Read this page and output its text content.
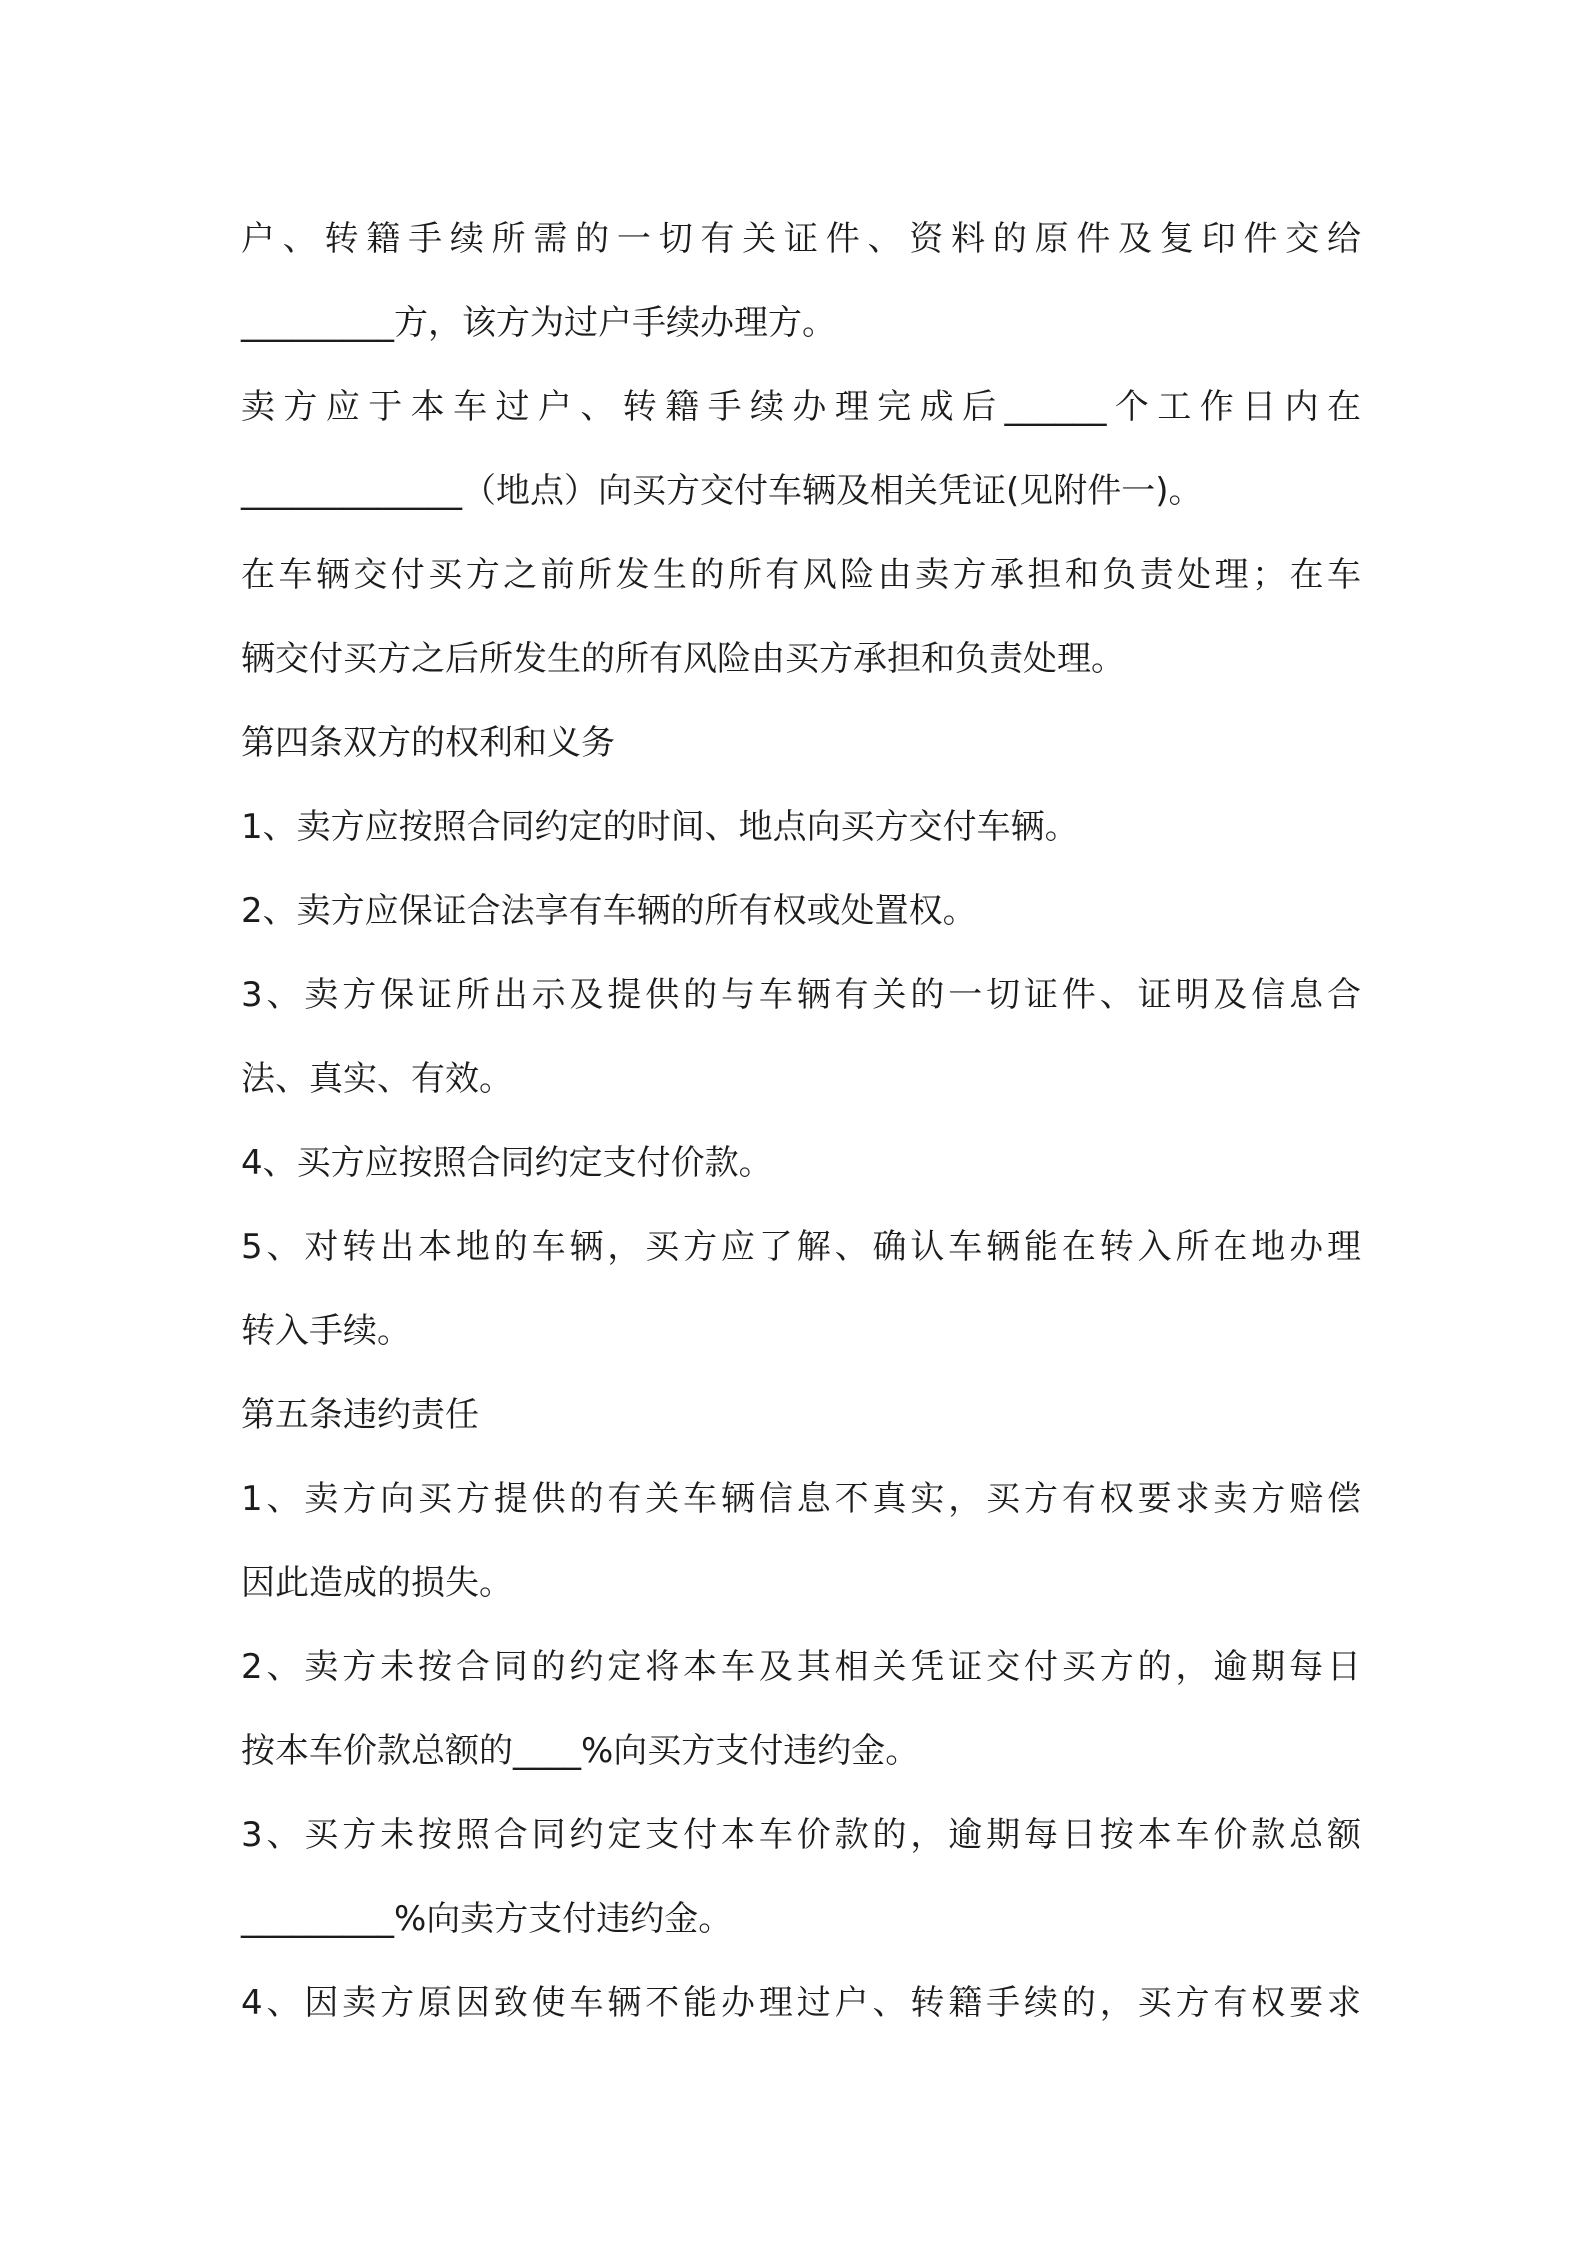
户、转籍手续所需的一切有关证件、资料的原件及复印件交给
_________方，该方为过户手续办理方。
卖方应于本车过户、转籍手续办理完成后______个工作日内在
_____________（地点）向买方交付车辆及相关凭证(见附件一)。
在车辆交付买方之前所发生的所有风险由卖方承担和负责处理；在车
辆交付买方之后所发生的所有风险由买方承担和负责处理。
第四条双方的权利和义务
1、卖方应按照合同约定的时间、地点向买方交付车辆。
2、卖方应保证合法享有车辆的所有权或处置权。
3、卖方保证所出示及提供的与车辆有关的一切证件、证明及信息合
法、真实、有效。
4、买方应按照合同约定支付价款。
5、对转出本地的车辆，买方应了解、确认车辆能在转入所在地办理
转入手续。
第五条违约责任
1、卖方向买方提供的有关车辆信息不真实，买方有权要求卖方赔偿
因此造成的损失。
2、卖方未按合同的约定将本车及其相关凭证交付买方的，逾期每日
按本车价款总额的____%向买方支付违约金。
3、买方未按照合同约定支付本车价款的，逾期每日按本车价款总额
_________%向卖方支付违约金。
4、因卖方原因致使车辆不能办理过户、转籍手续的，买方有权要求
